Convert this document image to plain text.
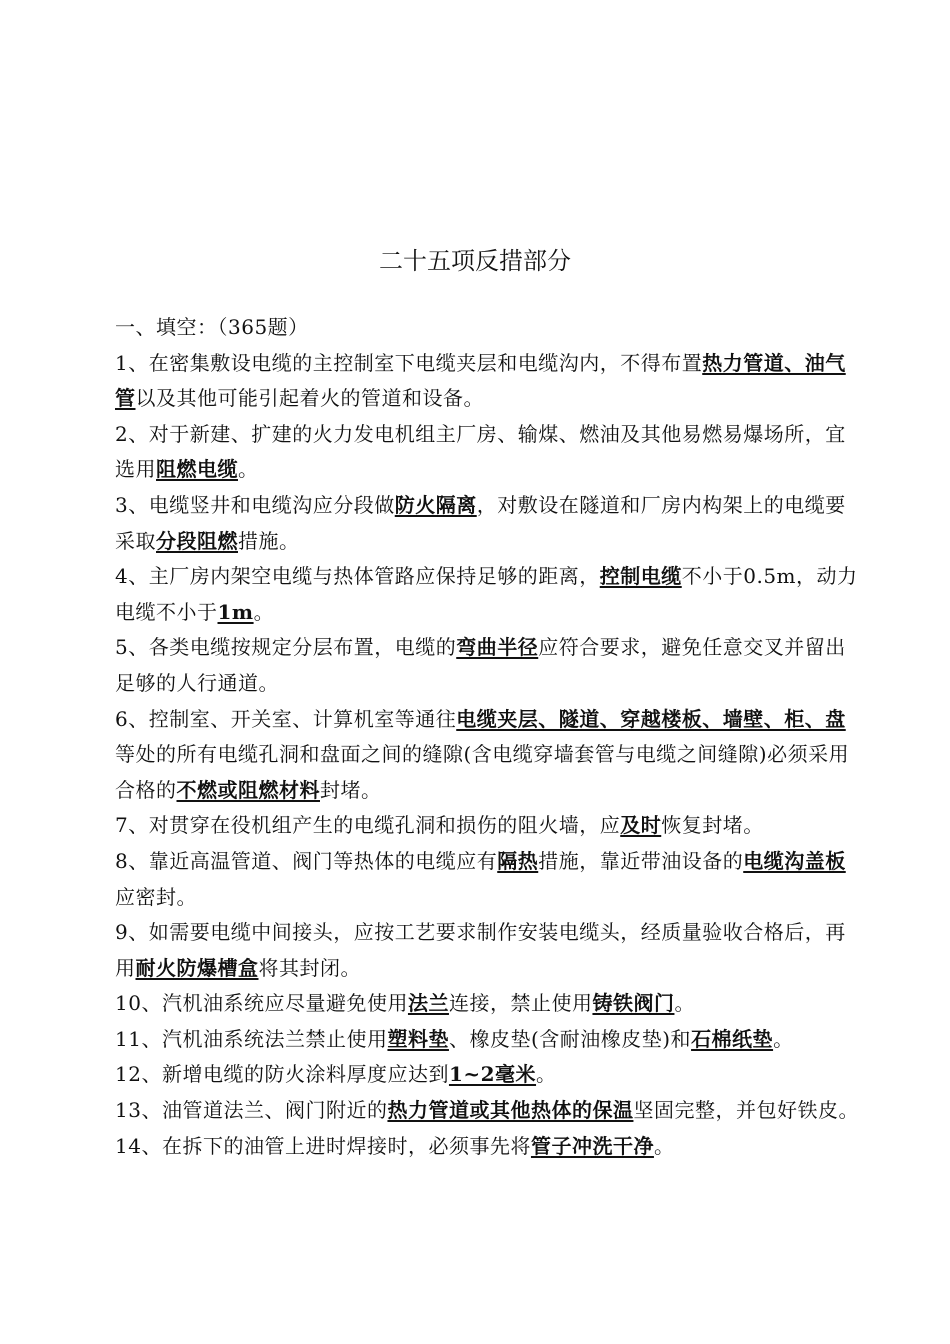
二十五项反措部分

一、填空：（365题）

1、在密集敷设电缆的主控制室下电缆夹层和电缆沟内，不得布置热力管道、油气管以及其他可能引起着火的管道和设备。

2、对于新建、扩建的火力发电机组主厂房、输煤、燃油及其他易燃易爆场所，宜选用阻燃电缆。

3、电缆竖井和电缆沟应分段做防火隔离，对敷设在隧道和厂房内构架上的电缆要采取分段阻燃措施。

4、主厂房内架空电缆与热体管路应保持足够的距离，控制电缆不小于0.5m，动力电缆不小于1m。

5、各类电缆按规定分层布置，电缆的弯曲半径应符合要求，避免任意交叉并留出足够的人行通道。

6、控制室、开关室、计算机室等通往电缆夹层、隧道、穿越楼板、墙壁、柜、盘等处的所有电缆孔洞和盘面之间的缝隙(含电缆穿墙套管与电缆之间缝隙)必须采用合格的不燃或阻燃材料封堵。

7、对贯穿在役机组产生的电缆孔洞和损伤的阻火墙，应及时恢复封堵。

8、靠近高温管道、阀门等热体的电缆应有隔热措施，靠近带油设备的电缆沟盖板应密封。

9、如需要电缆中间接头，应按工艺要求制作安装电缆头，经质量验收合格后，再用耐火防爆槽盒将其封闭。

10、汽机油系统应尽量避免使用法兰连接，禁止使用铸铁阀门。

11、汽机油系统法兰禁止使用塑料垫、橡皮垫(含耐油橡皮垫)和石棉纸垫。

12、新增电缆的防火涂料厚度应达到1~2毫米。

13、油管道法兰、阀门附近的热力管道或其他热体的保温坚固完整，并包好铁皮。

14、在拆下的油管上进时焊接时，必须事先将管子冲洗干净。
